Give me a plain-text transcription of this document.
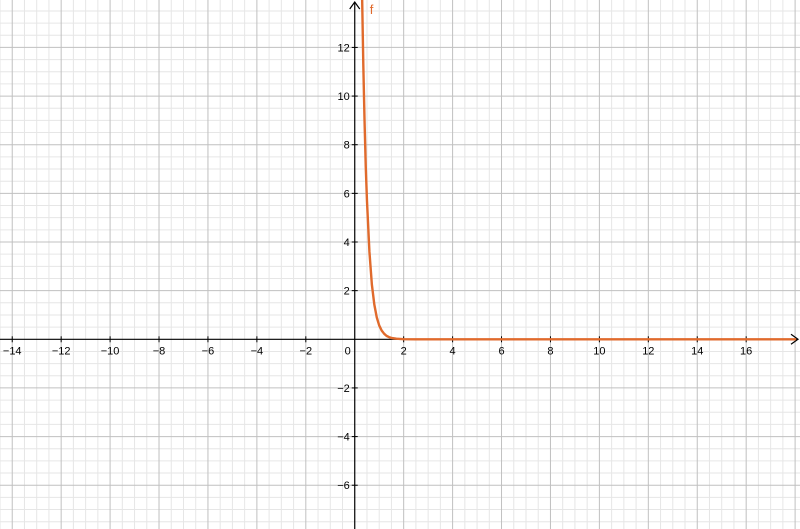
−14	−12	−10	−8	−6	−4	−2	0	2	4	6	8	10	12	14	16
−6
−4
−2
2
4
6
8
10
12
f
